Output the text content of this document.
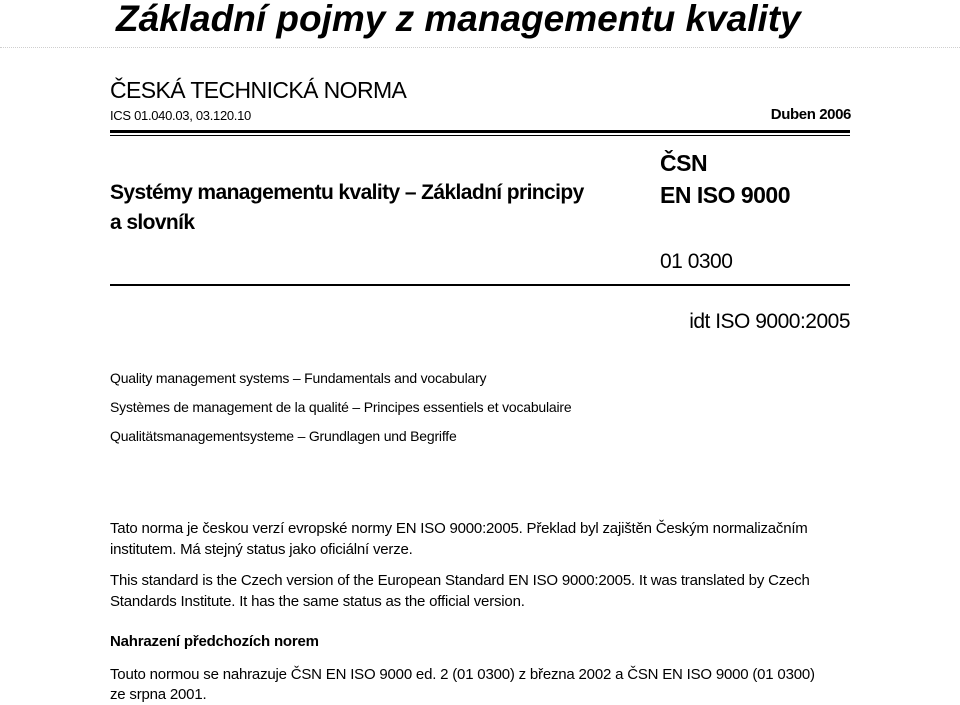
Základní pojmy z managementu kvality
ČESKÁ TECHNICKÁ NORMA
ICS 01.040.03, 03.120.10	Duben 2006
Systémy managementu kvality – Základní principy
a slovník
ČSN
EN ISO 9000
01 0300
idt ISO 9000:2005
Quality management systems – Fundamentals and vocabulary
Systèmes de management de la qualité – Principes essentiels et vocabulaire
Qualitätsmanagementsysteme – Grundlagen und Begriffe
Tato norma je českou verzí evropské normy EN ISO 9000:2005. Překlad byl zajištěn Českým normalizačním
institutem. Má stejný status jako oficiální verze.
This standard is the Czech version of the European Standard EN ISO 9000:2005. It was translated by Czech
Standards Institute. It has the same status as the official version.
Nahrazení předchozích norem
Touto normou se nahrazuje ČSN EN ISO 9000 ed. 2 (01 0300) z března 2002 a ČSN EN ISO 9000 (01 0300)
ze srpna 2001.
